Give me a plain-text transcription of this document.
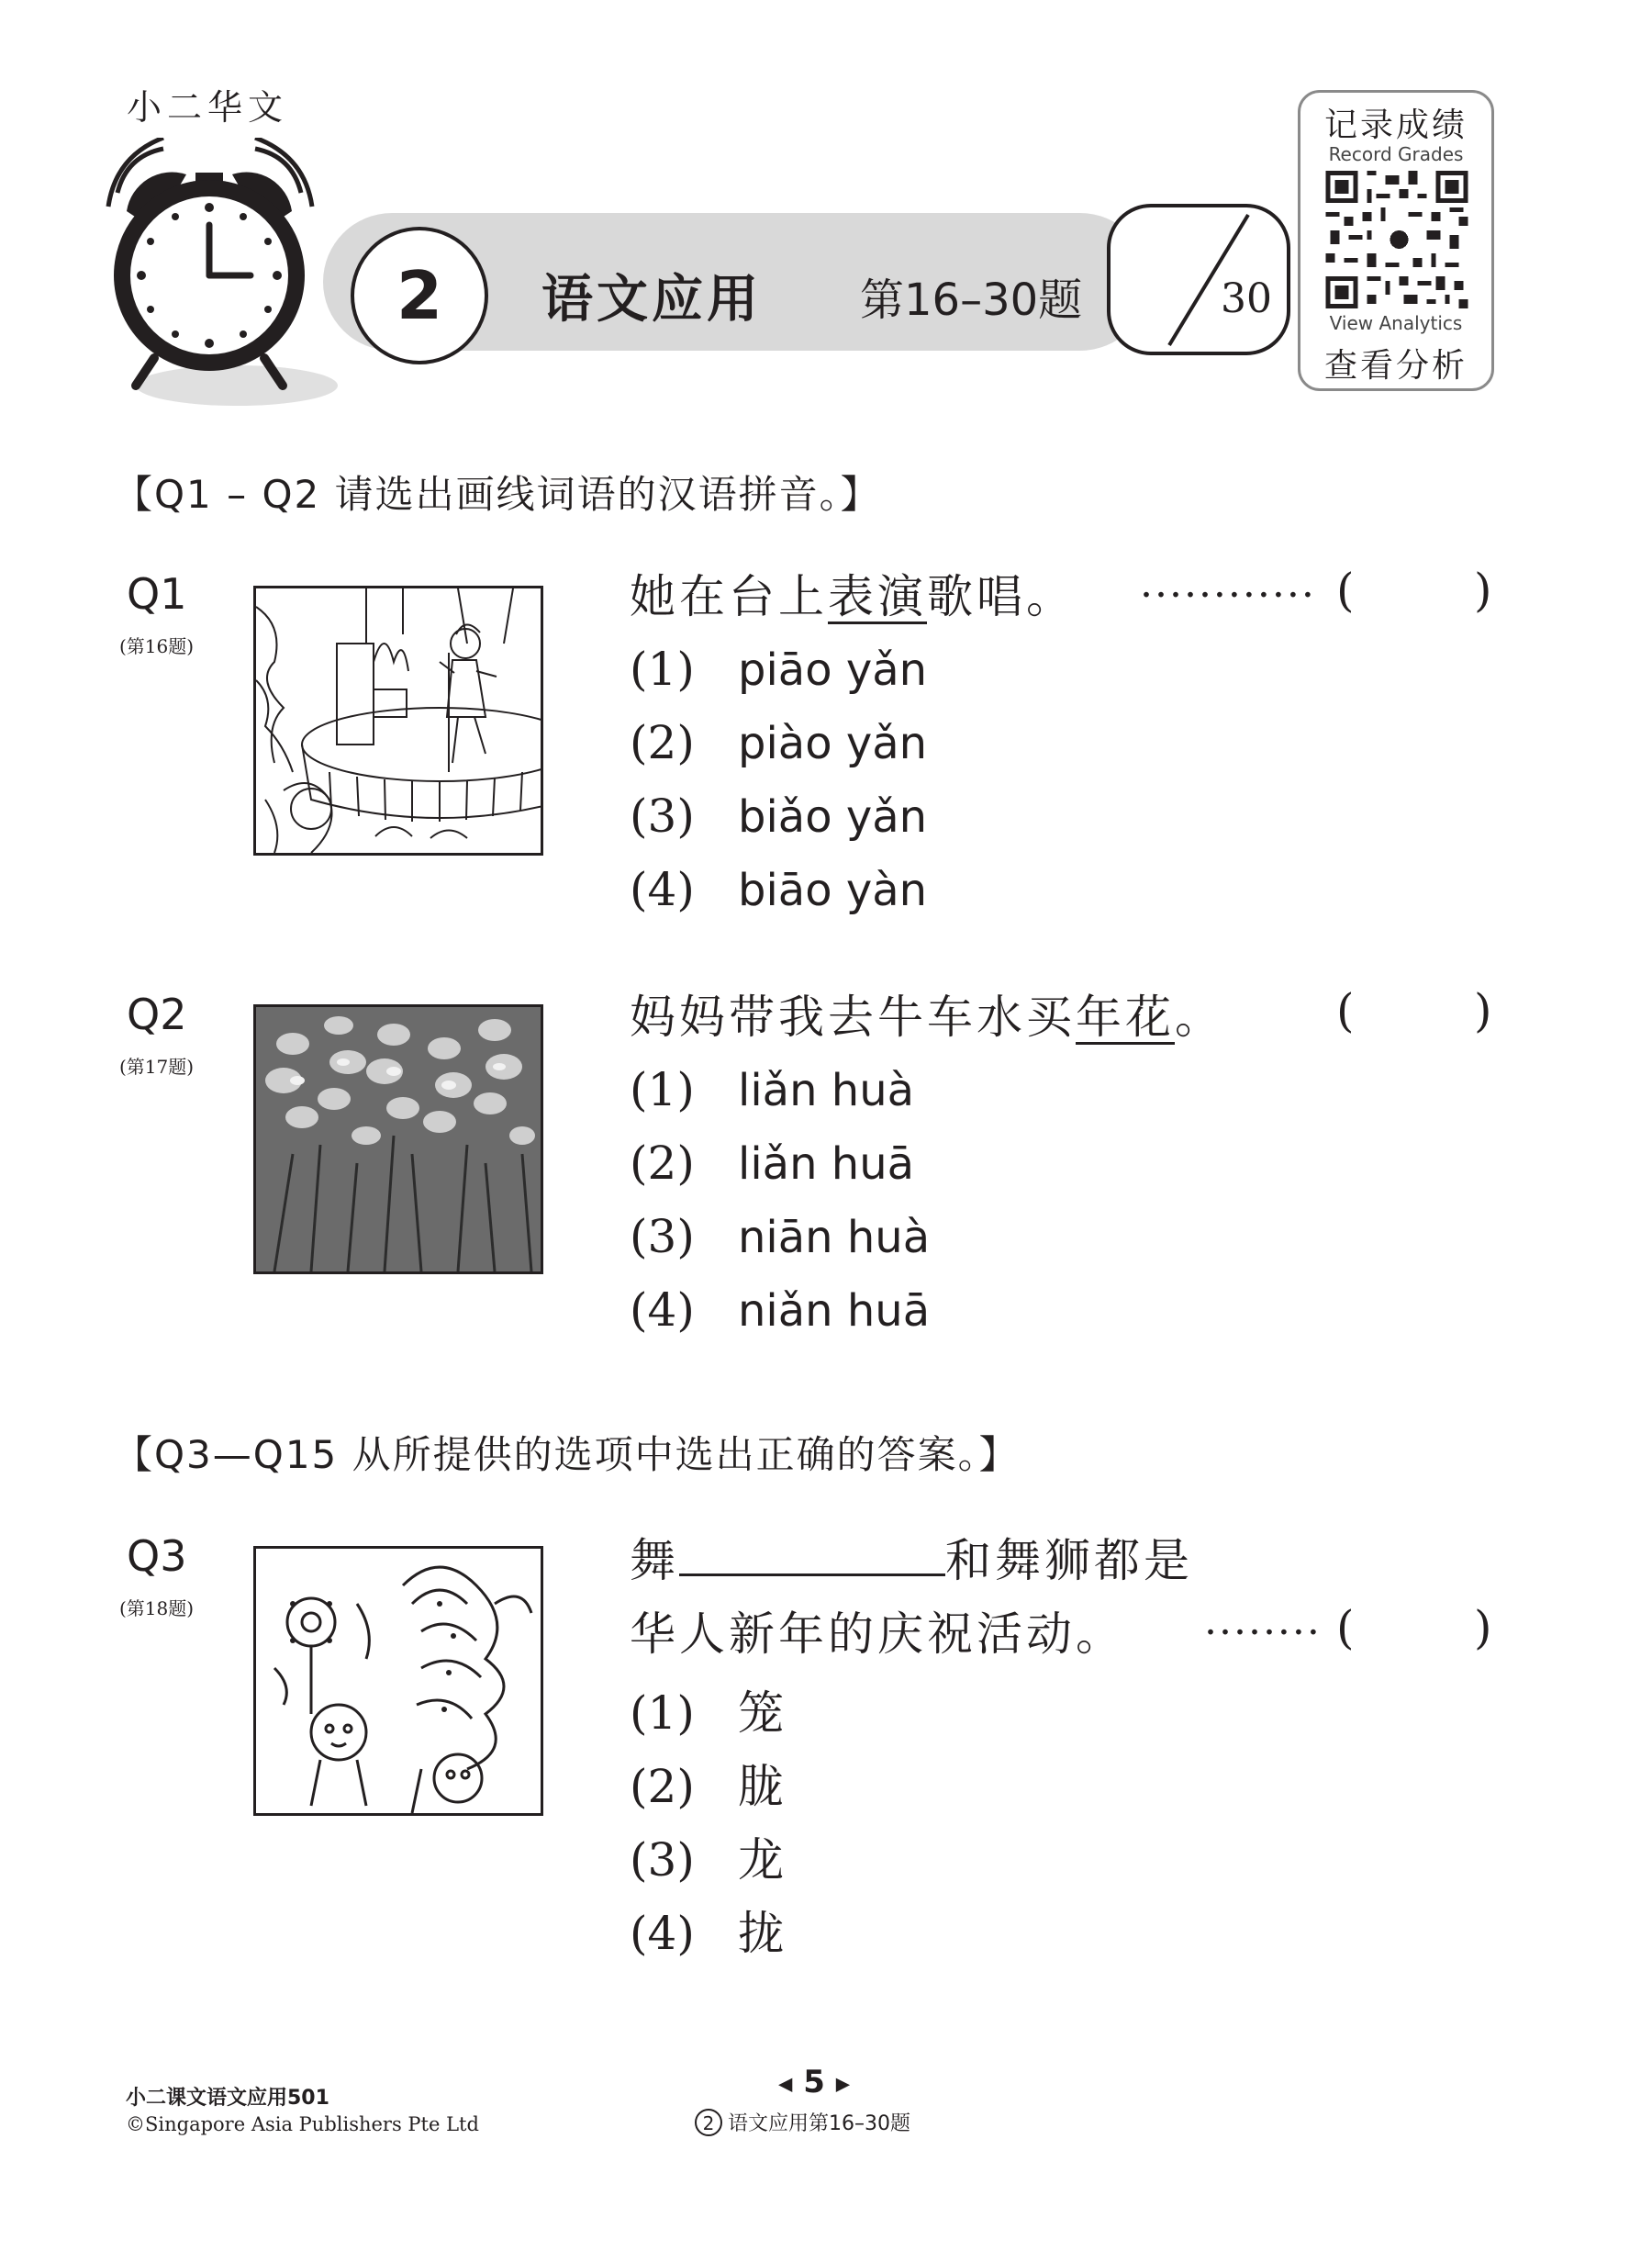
小二华文
2	语文应用 第16–30题	30
记录成绩
Record Grades
View Analytics
查看分析
【Q1 – Q2 请选出画线词语的汉语拼音。】
Q1
(第16题)
她在台上表演歌唱。 ............ (	)
(1) piāo yǎn
(2) piào yǎn
(3) biǎo yǎn
(4) biāo yàn
Q2
(第17题)
妈妈带我去牛车水买年花。 (	)
(1) liǎn huà
(2) liǎn huā
(3) niān huà
(4) niǎn huā
【Q3—Q15 从所提供的选项中选出正确的答案。】
Q3
(第18题)
舞	和舞狮都是
华人新年的庆祝活动。 ........ (	)
(1) 笼
(2) 胧
(3) 龙
(4) 拢
小二课文语文应用501
©Singapore Asia Publishers Pte Ltd
◀ 5 ▶
2 语文应用第16–30题
